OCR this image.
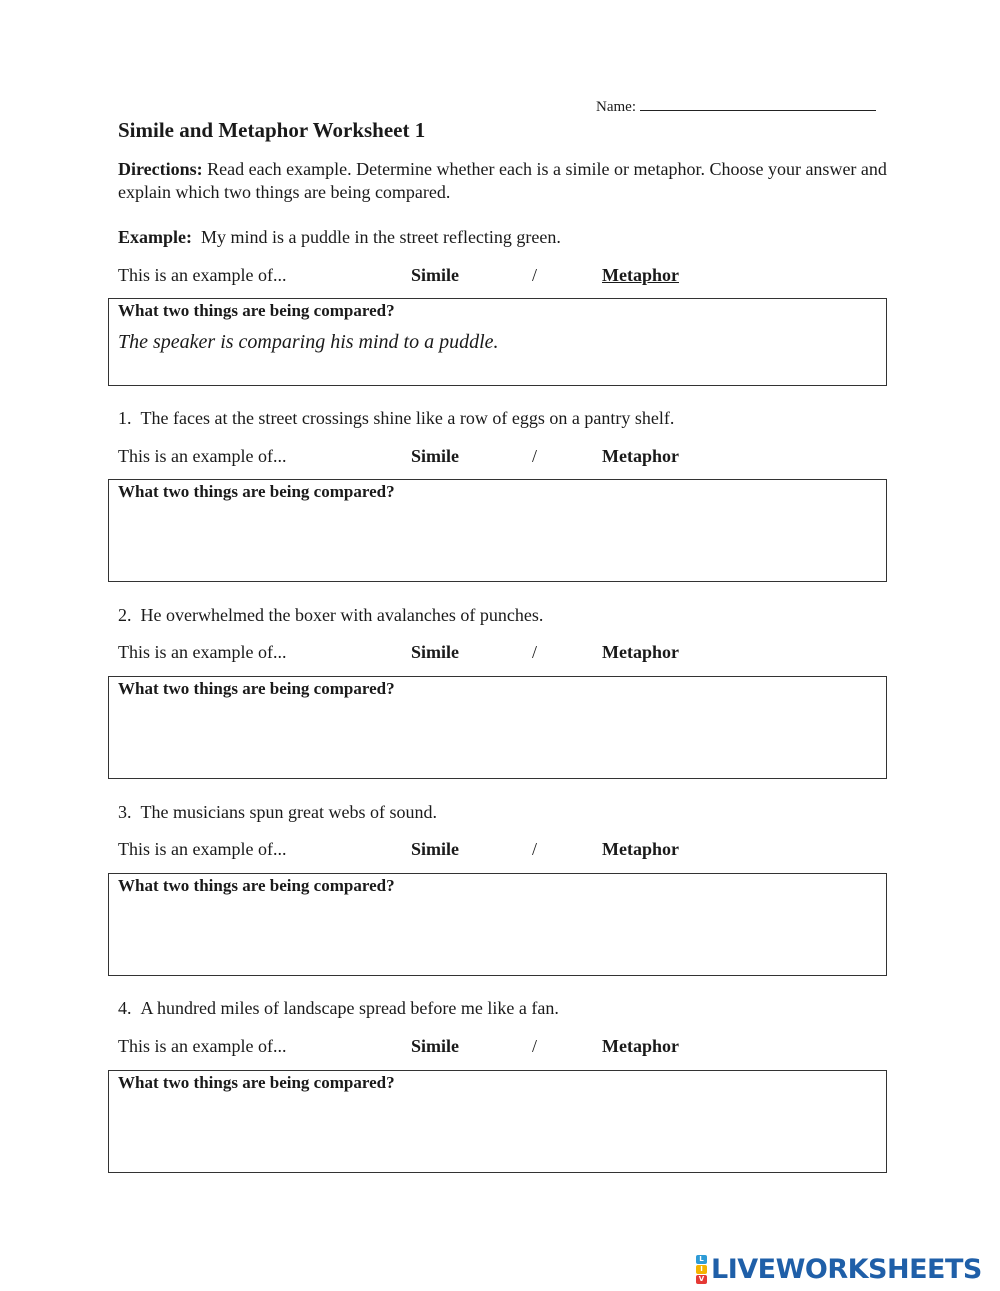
Name:
Simile and Metaphor Worksheet 1
Directions: Read each example. Determine whether each is a simile or metaphor. Choose your answer and explain which two things are being compared.
Example:  My mind is a puddle in the street reflecting green.
This is an example of...	Simile	/	Metaphor
What two things are being compared?
The speaker is comparing his mind to a puddle.
1. The faces at the street crossings shine like a row of eggs on a pantry shelf.
This is an example of...	Simile	/	Metaphor
What two things are being compared?
2. He overwhelmed the boxer with avalanches of punches.
This is an example of...	Simile	/	Metaphor
What two things are being compared?
3. The musicians spun great webs of sound.
This is an example of...	Simile	/	Metaphor
What two things are being compared?
4. A hundred miles of landscape spread before me like a fan.
This is an example of...	Simile	/	Metaphor
What two things are being compared?
L
I
V LIVEWORKSHEETS
